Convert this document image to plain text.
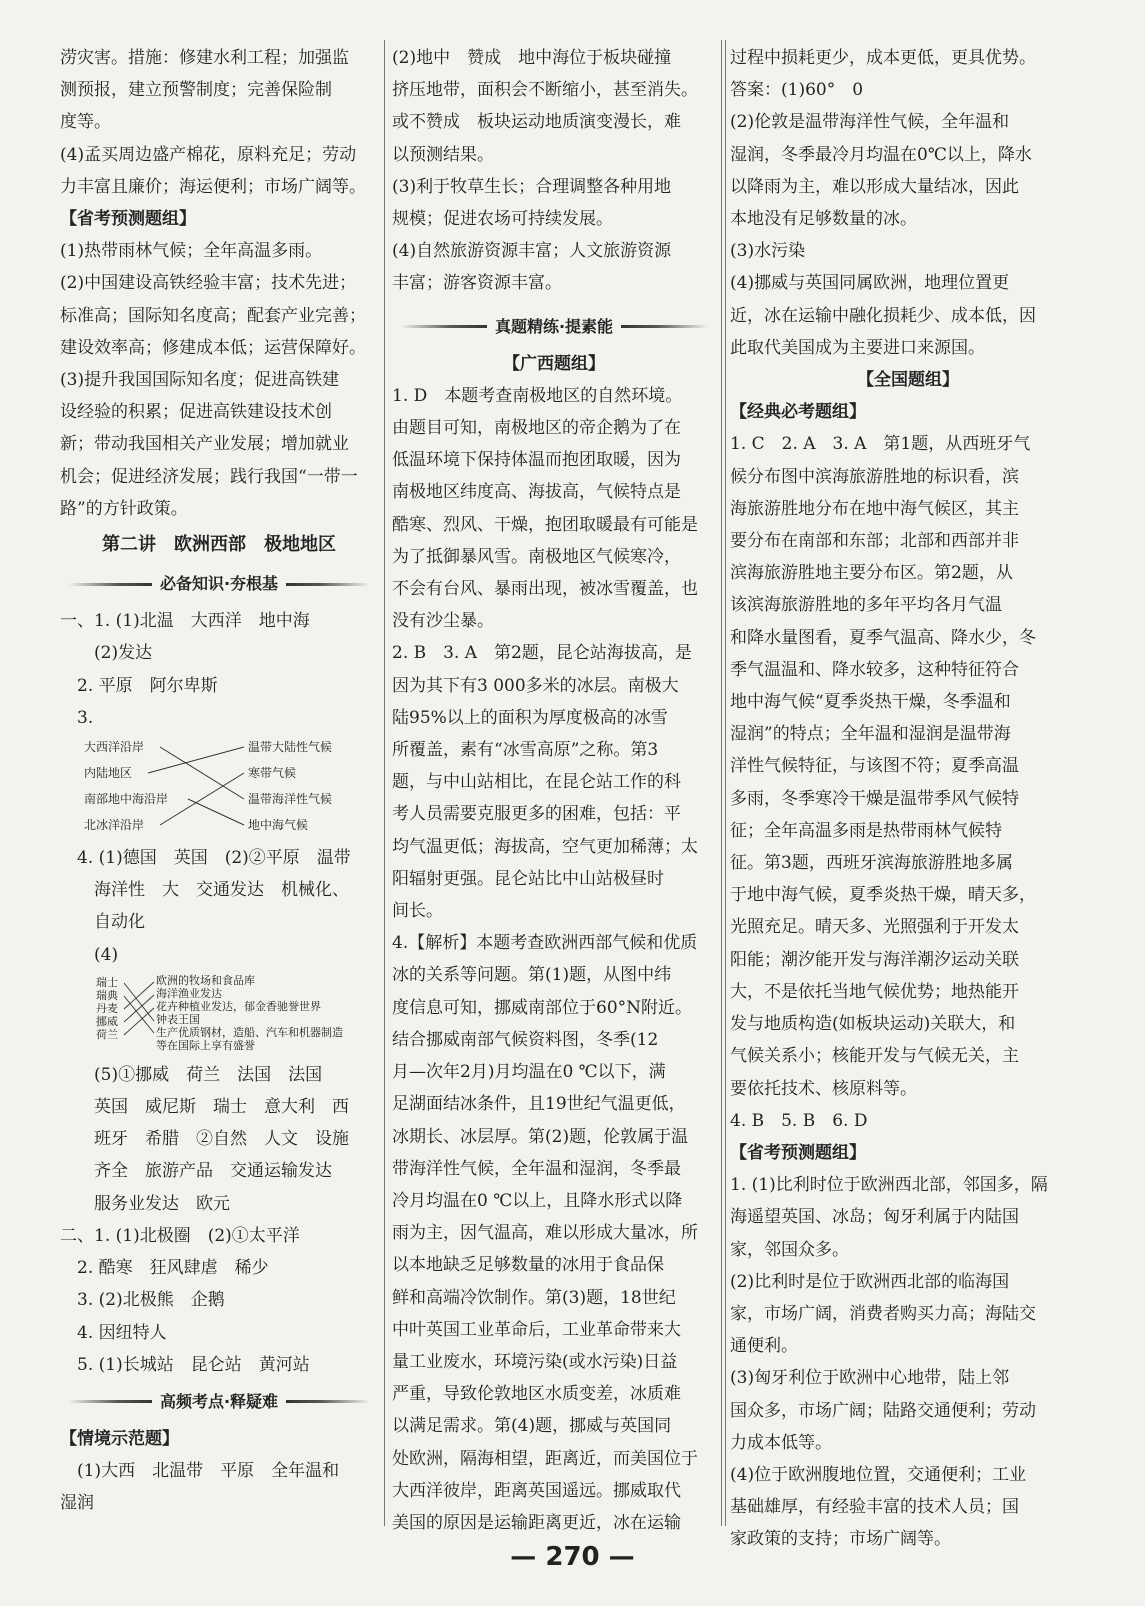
涝灾害。措施：修建水利工程；加强监
测预报，建立预警制度；完善保险制
度等。
(4)孟买周边盛产棉花，原料充足；劳动
力丰富且廉价；海运便利；市场广阔等。
【省考预测题组】
(1)热带雨林气候；全年高温多雨。
(2)中国建设高铁经验丰富；技术先进；
标准高；国际知名度高；配套产业完善；
建设效率高；修建成本低；运营保障好。
(3)提升我国国际知名度；促进高铁建
设经验的积累；促进高铁建设技术创
新；带动我国相关产业发展；增加就业
机会；促进经济发展；践行我国“一带一
路”的方针政策。
第二讲　欧洲西部　极地地区
必备知识·夯根基
一、1. (1)北温　大西洋　地中海
　　(2)发达
　2. 平原　阿尔卑斯
　3.
大西洋沿岸
内陆地区
南部地中海沿岸
北冰洋沿岸
温带大陆性气候
寒带气候
温带海洋性气候
地中海气候
　4. (1)德国　英国　(2)②平原　温带
　　海洋性　大　交通发达　机械化、
　　自动化
　　(4)
瑞士
瑞典
丹麦
挪威
荷兰
欧洲的牧场和食品库
海洋渔业发达
花卉种植业发达，郁金香驰誉世界
钟表王国
生产优质钢材，造船、汽车和机器制造
等在国际上享有盛誉
　　(5)①挪威　荷兰　法国　法国
　　英国　威尼斯　瑞士　意大利　西
　　班牙　希腊　②自然　人文　设施
　　齐全　旅游产品　交通运输发达
　　服务业发达　欧元
二、1. (1)北极圈　(2)①太平洋
　2. 酷寒　狂风肆虐　稀少
　3. (2)北极熊　企鹅
　4. 因纽特人
　5. (1)长城站　昆仑站　黄河站
高频考点·释疑难
【情境示范题】
　(1)大西　北温带　平原　全年温和
湿润
(2)地中　赞成　地中海位于板块碰撞
挤压地带，面积会不断缩小，甚至消失。
或不赞成　板块运动地质演变漫长，难
以预测结果。
(3)利于牧草生长；合理调整各种用地
规模；促进农场可持续发展。
(4)自然旅游资源丰富；人文旅游资源
丰富；游客资源丰富。
真题精练·提素能
【广西题组】
1. D　本题考查南极地区的自然环境。
由题目可知，南极地区的帝企鹅为了在
低温环境下保持体温而抱团取暖，因为
南极地区纬度高、海拔高，气候特点是
酷寒、烈风、干燥，抱团取暖最有可能是
为了抵御暴风雪。南极地区气候寒冷，
不会有台风、暴雨出现，被冰雪覆盖，也
没有沙尘暴。
2. B　3. A　第2题，昆仑站海拔高，是
因为其下有3 000多米的冰层。南极大
陆95%以上的面积为厚度极高的冰雪
所覆盖，素有“冰雪高原”之称。第3
题，与中山站相比，在昆仑站工作的科
考人员需要克服更多的困难，包括：平
均气温更低；海拔高，空气更加稀薄；太
阳辐射更强。昆仑站比中山站极昼时
间长。
4.【解析】本题考查欧洲西部气候和优质
冰的关系等问题。第(1)题，从图中纬
度信息可知，挪威南部位于60°N附近。
结合挪威南部气候资料图，冬季(12
月—次年2月)月均温在0 ℃以下，满
足湖面结冰条件，且19世纪气温更低，
冰期长、冰层厚。第(2)题，伦敦属于温
带海洋性气候，全年温和湿润，冬季最
冷月均温在0 ℃以上，且降水形式以降
雨为主，因气温高，难以形成大量冰，所
以本地缺乏足够数量的冰用于食品保
鲜和高端冷饮制作。第(3)题，18世纪
中叶英国工业革命后，工业革命带来大
量工业废水，环境污染(或水污染)日益
严重，导致伦敦地区水质变差，冰质难
以满足需求。第(4)题，挪威与英国同
处欧洲，隔海相望，距离近，而美国位于
大西洋彼岸，距离英国遥远。挪威取代
美国的原因是运输距离更近，冰在运输
过程中损耗更少，成本更低，更具优势。
答案：(1)60°　0
(2)伦敦是温带海洋性气候，全年温和
湿润，冬季最冷月均温在0℃以上，降水
以降雨为主，难以形成大量结冰，因此
本地没有足够数量的冰。
(3)水污染
(4)挪威与英国同属欧洲，地理位置更
近，冰在运输中融化损耗少、成本低，因
此取代美国成为主要进口来源国。
【全国题组】
【经典必考题组】
1. C　2. A　3. A　第1题，从西班牙气
候分布图中滨海旅游胜地的标识看，滨
海旅游胜地分布在地中海气候区，其主
要分布在南部和东部；北部和西部并非
滨海旅游胜地主要分布区。第2题，从
该滨海旅游胜地的多年平均各月气温
和降水量图看，夏季气温高、降水少，冬
季气温温和、降水较多，这种特征符合
地中海气候“夏季炎热干燥，冬季温和
湿润”的特点；全年温和湿润是温带海
洋性气候特征，与该图不符；夏季高温
多雨，冬季寒冷干燥是温带季风气候特
征；全年高温多雨是热带雨林气候特
征。第3题，西班牙滨海旅游胜地多属
于地中海气候，夏季炎热干燥，晴天多，
光照充足。晴天多、光照强利于开发太
阳能；潮汐能开发与海洋潮汐运动关联
大，不是依托当地气候优势；地热能开
发与地质构造(如板块运动)关联大，和
气候关系小；核能开发与气候无关，主
要依托技术、核原料等。
4. B　5. B　6. D
【省考预测题组】
1. (1)比利时位于欧洲西北部，邻国多，隔
海遥望英国、冰岛；匈牙利属于内陆国
家，邻国众多。
(2)比利时是位于欧洲西北部的临海国
家，市场广阔，消费者购买力高；海陆交
通便利。
(3)匈牙利位于欧洲中心地带，陆上邻
国众多，市场广阔；陆路交通便利；劳动
力成本低等。
(4)位于欧洲腹地位置，交通便利；工业
基础雄厚，有经验丰富的技术人员；国
家政策的支持；市场广阔等。
— 270 —
